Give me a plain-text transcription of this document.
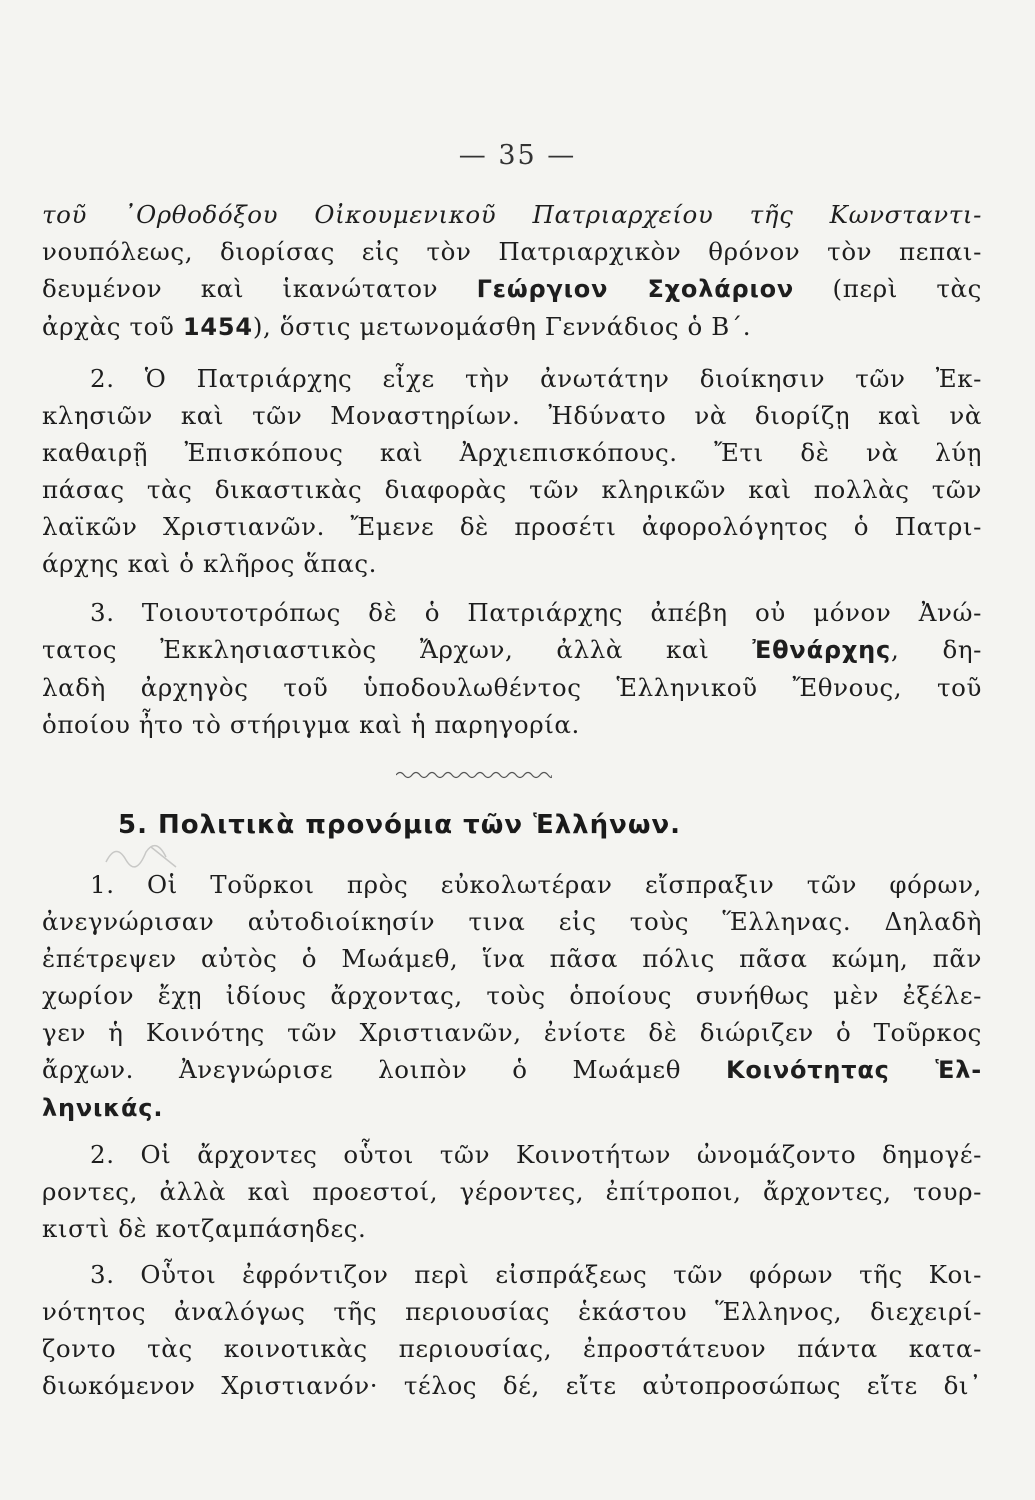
— 35 —
τοῦ ᾿Ορθοδόξου Οἰκουμενικοῦ Πατριαρχείου τῆς Κωνσταντι-
νουπόλεως, διορίσας εἰς τὸν Πατριαρχικὸν θρόνον τὸν πεπαι-
δευμένον καὶ ἱκανώτατον Γεώργιον Σχολάριον (περὶ τὰς
ἀρχὰς τοῦ 1454), ὅστις μετωνομάσθη Γεννάδιος ὁ Β΄.
2. Ὁ Πατριάρχης εἶχε τὴν ἀνωτάτην διοίκησιν τῶν Ἐκ-
κλησιῶν καὶ τῶν Μοναστηρίων. Ἠδύνατο νὰ διορίζῃ καὶ νὰ
καθαιρῇ Ἐπισκόπους καὶ Ἀρχιεπισκόπους. Ἔτι δὲ νὰ λύῃ
πάσας τὰς δικαστικὰς διαφορὰς τῶν κληρικῶν καὶ πολλὰς τῶν
λαϊκῶν Χριστιανῶν. Ἔμενε δὲ προσέτι ἀφορολόγητος ὁ Πατρι-
άρχης καὶ ὁ κλῆρος ἅπας.
3. Τοιουτοτρόπως δὲ ὁ Πατριάρχης ἀπέβη οὐ μόνον Ἀνώ-
τατος Ἐκκλησιαστικὸς Ἄρχων, ἀλλὰ καὶ Ἐθνάρχης, δη-
λαδὴ ἀρχηγὸς τοῦ ὑποδουλωθέντος Ἑλληνικοῦ Ἔθνους, τοῦ
ὁποίου ἦτο τὸ στήριγμα καὶ ἡ παρηγορία.
5. Πολιτικὰ προνόμια τῶν Ἑλλήνων.
1. Οἱ Τοῦρκοι πρὸς εὐκολωτέραν εἴσπραξιν τῶν φόρων,
ἀνεγνώρισαν αὐτοδιοίκησίν τινα εἰς τοὺς Ἕλληνας. Δηλαδὴ
ἐπέτρεψεν αὐτὸς ὁ Μωάμεθ, ἵνα πᾶσα πόλις πᾶσα κώμη, πᾶν
χωρίον ἔχῃ ἰδίους ἄρχοντας, τοὺς ὁποίους συνήθως μὲν ἐξέλε-
γεν ἡ Κοινότης τῶν Χριστιανῶν, ἐνίοτε δὲ διώριζεν ὁ Τοῦρκος
ἄρχων. Ἀνεγνώρισε λοιπὸν ὁ Μωάμεθ Κοινότητας Ἑλ-
ληνικάς.
2. Οἱ ἄρχοντες οὗτοι τῶν Κοινοτήτων ὠνομάζοντο δημογέ-
ροντες, ἀλλὰ καὶ προεστοί, γέροντες, ἐπίτροποι, ἄρχοντες, τουρ-
κιστὶ δὲ κοτζαμπάσηδες.
3. Οὗτοι ἐφρόντιζον περὶ εἰσπράξεως τῶν φόρων τῆς Κοι-
νότητος ἀναλόγως τῆς περιουσίας ἑκάστου Ἕλληνος, διεχειρί-
ζοντο τὰς κοινοτικὰς περιουσίας, ἐπροστάτευον πάντα κατα-
διωκόμενον Χριστιανόν· τέλος δέ, εἴτε αὐτοπροσώπως εἴτε δι᾿
